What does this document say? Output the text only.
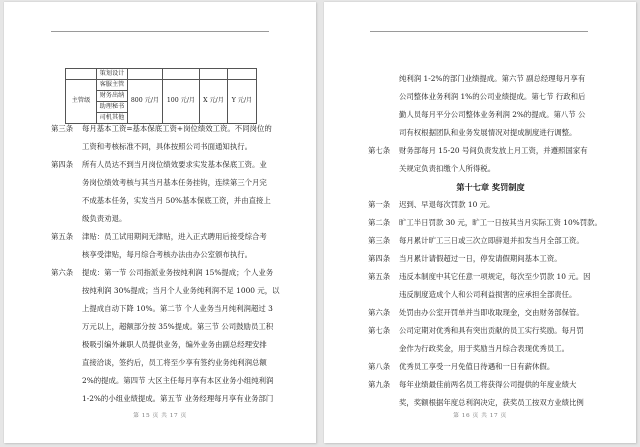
	策划设计				
主管级	客服主管	800 元/月	100 元/月	X 元/月	Y 元/月
	财务出纳				
	助理秘书				
	司机其他				
第三条	每月基本工资=基本保底工资+岗位绩效工资。不同岗位的
工资和考核标准不同，具体按照公司书面通知执行。
第四条	所有人员达不到当月岗位绩效要求实发基本保底工资。业
务岗位绩效考核与其当月基本任务挂钩，连续第三个月完
不成基本任务，实发当月 50%基本保底工资，并由直接上
级负责劝退。
第五条	津贴：员工试用期间无津贴，进入正式聘用后接受综合考
核享受津贴，每月综合考核办法由办公室颁布执行。
第六条	提成：第一节 公司指派业务按纯利润 15%提成；个人业务
按纯利润 30%提成；当月个人业务纯利润不足 1000 元，以
上提成自动下降 10%。第二节 个人业务当月纯利润超过 3
万元以上，超额部分按 35%提成。第三节 公司鼓励员工积
极吸引编外兼职人员提供业务，编外业务由副总经理安排
直接洽谈，签约后，员工将至少享有签约业务纯利润总额
2%的提成。第四节 大区主任每月享有本区业务小组纯利润
1-2%的小组业绩提成。第五节 业务经理每月享有业务部门
第 15 页 共 17 页
纯利润 1-2%的部门业绩提成。第六节 副总经理每月享有
公司整体业务利润 1%的公司业绩提成。第七节 行政和后
勤人员每月平分公司整体业务利润 2%的提成。第八节 公
司有权根据团队和业务发展情况对提成制度进行调整。
第七条	财务部每月 15-20 号间负责发放上月工资，并遵照国家有
关规定负责扣缴个人所得税。
第十七章 奖罚制度
第一条	迟到、早退每次罚款 10 元。
第二条	旷工半日罚款 30 元，旷工一日按其当月实际工资 10%罚款。
第三条	每月累计旷工三日或三次立即辞退并扣发当月全部工资。
第四条	当月累计请假超过一日，停发请假期间基本工资。
第五条	违反本制度中其它任意一项规定，每次至少罚款 10 元。因
违反制度造成个人和公司利益损害的应承担全部责任。
第六条	处罚由办公室开罚单并当即收取现金，交由财务部保管。
第七条	公司定期对优秀和具有突出贡献的员工实行奖励。每月罚
金作为行政奖金，用于奖励当月综合表现优秀员工。
第八条	优秀员工享受一月免值日待遇和一日有薪休假。
第九条	每年业绩最佳前两名员工将获得公司提供的年度业绩大
奖，奖额根据年度总利润决定，获奖员工按双方业绩比例
第 16 页 共 17 页
